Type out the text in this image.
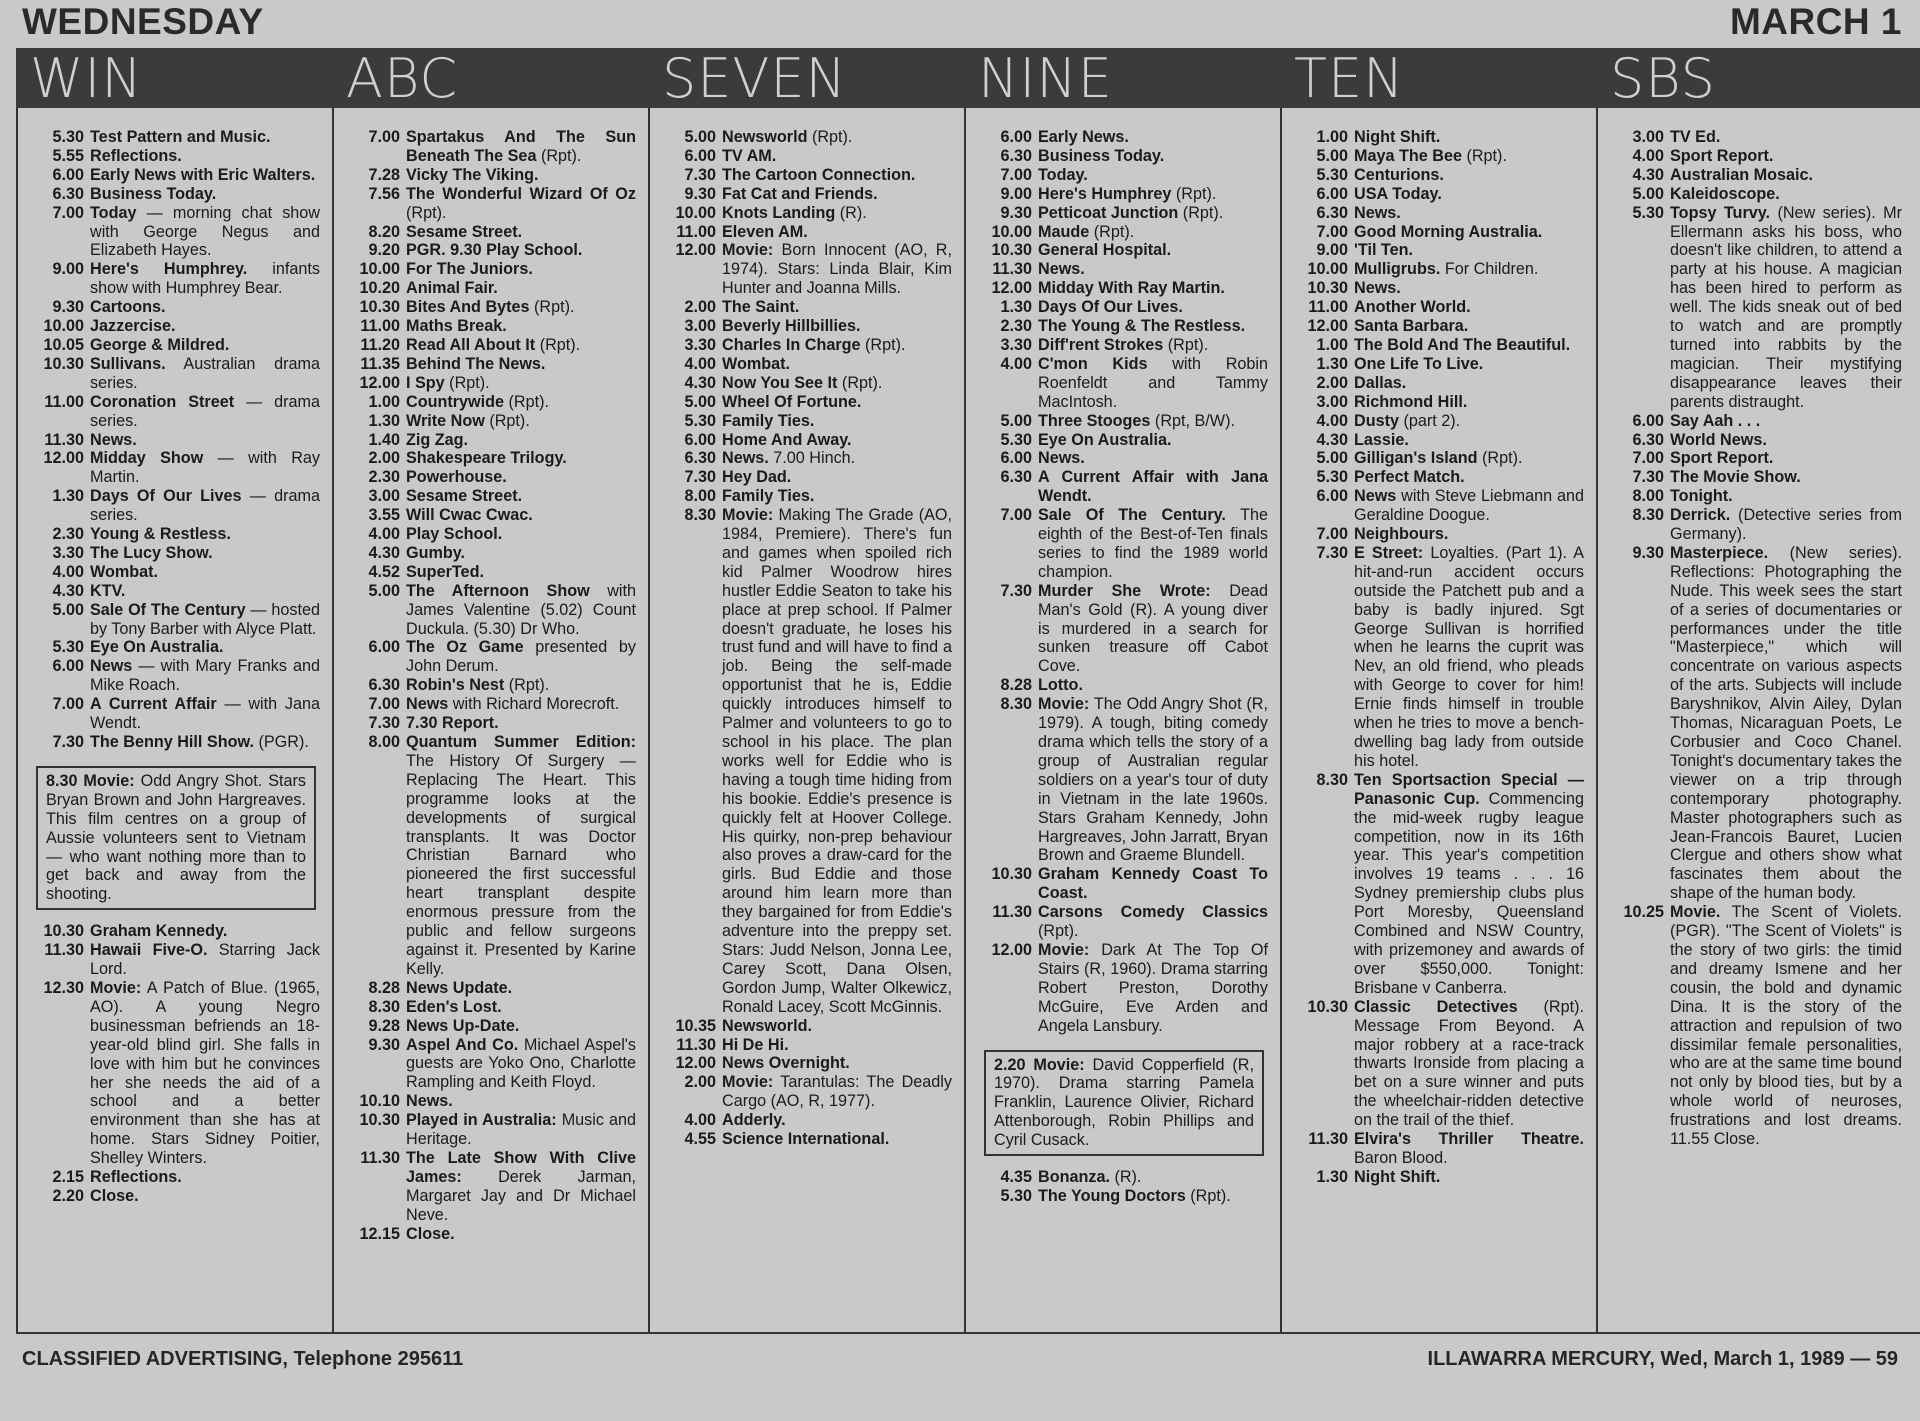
WEDNESDAY	MARCH 1
WIN	ABC	SEVEN	NINE	TEN	SBS
5.30 Test Pattern and Music.
5.55 Reflections.
6.00 Early News with Eric Walters.
6.30 Business Today.
7.00 Today — morning chat show with George Negus and Elizabeth Hayes.
9.00 Here's Humphrey. infants show with Humphrey Bear.
9.30 Cartoons.
10.00 Jazzercise.
10.05 George & Mildred.
10.30 Sullivans. Australian drama series.
11.00 Coronation Street — drama series.
11.30 News.
12.00 Midday Show — with Ray Martin.
1.30 Days Of Our Lives — drama series.
2.30 Young & Restless.
3.30 The Lucy Show.
4.00 Wombat.
4.30 KTV.
5.00 Sale Of The Century — hosted by Tony Barber with Alyce Platt.
5.30 Eye On Australia.
6.00 News — with Mary Franks and Mike Roach.
7.00 A Current Affair — with Jana Wendt.
7.30 The Benny Hill Show. (PGR).
8.30 Movie: Odd Angry Shot. Stars Bryan Brown and John Hargreaves. This film centres on a group of Aussie volunteers sent to Vietnam — who want nothing more than to get back and away from the shooting.
10.30 Graham Kennedy.
11.30 Hawaii Five-O. Starring Jack Lord.
12.30 Movie: A Patch of Blue. (1965, AO). A young Negro businessman befriends an 18-year-old blind girl. She falls in love with him but he convinces her she needs the aid of a school and a better environment than she has at home. Stars Sidney Poitier, Shelley Winters.
2.15 Reflections.
2.20 Close.
7.00 Spartakus And The Sun Beneath The Sea (Rpt).
7.28 Vicky The Viking.
7.56 The Wonderful Wizard Of Oz (Rpt).
8.20 Sesame Street.
9.20 PGR. 9.30 Play School.
10.00 For The Juniors.
10.20 Animal Fair.
10.30 Bites And Bytes (Rpt).
11.00 Maths Break.
11.20 Read All About It (Rpt).
11.35 Behind The News.
12.00 I Spy (Rpt).
1.00 Countrywide (Rpt).
1.30 Write Now (Rpt).
1.40 Zig Zag.
2.00 Shakespeare Trilogy.
2.30 Powerhouse.
3.00 Sesame Street.
3.55 Will Cwac Cwac.
4.00 Play School.
4.30 Gumby.
4.52 SuperTed.
5.00 The Afternoon Show with James Valentine (5.02) Count Duckula. (5.30) Dr Who.
6.00 The Oz Game presented by John Derum.
6.30 Robin's Nest (Rpt).
7.00 News with Richard Morecroft.
7.30 7.30 Report.
8.00 Quantum Summer Edition: The History Of Surgery — Replacing The Heart. This programme looks at the developments of surgical transplants. It was Doctor Christian Barnard who pioneered the first successful heart transplant despite enormous pressure from the public and fellow surgeons against it. Presented by Karine Kelly.
8.28 News Update.
8.30 Eden's Lost.
9.28 News Up-Date.
9.30 Aspel And Co. Michael Aspel's guests are Yoko Ono, Charlotte Rampling and Keith Floyd.
10.10 News.
10.30 Played in Australia: Music and Heritage.
11.30 The Late Show With Clive James: Derek Jarman, Margaret Jay and Dr Michael Neve.
12.15 Close.
5.00 Newsworld (Rpt).
6.00 TV AM.
7.30 The Cartoon Connection.
9.30 Fat Cat and Friends.
10.00 Knots Landing (R).
11.00 Eleven AM.
12.00 Movie: Born Innocent (AO, R, 1974). Stars: Linda Blair, Kim Hunter and Joanna Mills.
2.00 The Saint.
3.00 Beverly Hillbillies.
3.30 Charles In Charge (Rpt).
4.00 Wombat.
4.30 Now You See It (Rpt).
5.00 Wheel Of Fortune.
5.30 Family Ties.
6.00 Home And Away.
6.30 News. 7.00 Hinch.
7.30 Hey Dad.
8.00 Family Ties.
8.30 Movie: Making The Grade (AO, 1984, Premiere). There's fun and games when spoiled rich kid Palmer Woodrow hires hustler Eddie Seaton to take his place at prep school. If Palmer doesn't graduate, he loses his trust fund and will have to find a job. Being the self-made opportunist that he is, Eddie quickly introduces himself to Palmer and volunteers to go to school in his place. The plan works well for Eddie who is having a tough time hiding from his bookie. Eddie's presence is quickly felt at Hoover College. His quirky, non-prep behaviour also proves a draw-card for the girls. Bud Eddie and those around him learn more than they bargained for from Eddie's adventure into the preppy set. Stars: Judd Nelson, Jonna Lee, Carey Scott, Dana Olsen, Gordon Jump, Walter Olkewicz, Ronald Lacey, Scott McGinnis.
10.35 Newsworld.
11.30 Hi De Hi.
12.00 News Overnight.
2.00 Movie: Tarantulas: The Deadly Cargo (AO, R, 1977).
4.00 Adderly.
4.55 Science International.
6.00 Early News.
6.30 Business Today.
7.00 Today.
9.00 Here's Humphrey (Rpt).
9.30 Petticoat Junction (Rpt).
10.00 Maude (Rpt).
10.30 General Hospital.
11.30 News.
12.00 Midday With Ray Martin.
1.30 Days Of Our Lives.
2.30 The Young & The Restless.
3.30 Diff'rent Strokes (Rpt).
4.00 C'mon Kids with Robin Roenfeldt and Tammy MacIntosh.
5.00 Three Stooges (Rpt, B/W).
5.30 Eye On Australia.
6.00 News.
6.30 A Current Affair with Jana Wendt.
7.00 Sale Of The Century. The eighth of the Best-of-Ten finals series to find the 1989 world champion.
7.30 Murder She Wrote: Dead Man's Gold (R). A young diver is murdered in a search for sunken treasure off Cabot Cove.
8.28 Lotto.
8.30 Movie: The Odd Angry Shot (R, 1979). A tough, biting comedy drama which tells the story of a group of Australian regular soldiers on a year's tour of duty in Vietnam in the late 1960s. Stars Graham Kennedy, John Hargreaves, John Jarratt, Bryan Brown and Graeme Blundell.
10.30 Graham Kennedy Coast To Coast.
11.30 Carsons Comedy Classics (Rpt).
12.00 Movie: Dark At The Top Of Stairs (R, 1960). Drama starring Robert Preston, Dorothy McGuire, Eve Arden and Angela Lansbury.
2.20 Movie: David Copperfield (R, 1970). Drama starring Pamela Franklin, Laurence Olivier, Richard Attenborough, Robin Phillips and Cyril Cusack.
4.35 Bonanza. (R).
5.30 The Young Doctors (Rpt).
1.00 Night Shift.
5.00 Maya The Bee (Rpt).
5.30 Centurions.
6.00 USA Today.
6.30 News.
7.00 Good Morning Australia.
9.00 'Til Ten.
10.00 Mulligrubs. For Children.
10.30 News.
11.00 Another World.
12.00 Santa Barbara.
1.00 The Bold And The Beautiful.
1.30 One Life To Live.
2.00 Dallas.
3.00 Richmond Hill.
4.00 Dusty (part 2).
4.30 Lassie.
5.00 Gilligan's Island (Rpt).
5.30 Perfect Match.
6.00 News with Steve Liebmann and Geraldine Doogue.
7.00 Neighbours.
7.30 E Street: Loyalties. (Part 1). A hit-and-run accident occurs outside the Patchett pub and a baby is badly injured. Sgt George Sullivan is horrified when he learns the cuprit was Nev, an old friend, who pleads with George to cover for him! Ernie finds himself in trouble when he tries to move a bench-dwelling bag lady from outside his hotel.
8.30 Ten Sportsaction Special — Panasonic Cup. Commencing the mid-week rugby league competition, now in its 16th year. This year's competition involves 19 teams . . . 16 Sydney premiership clubs plus Port Moresby, Queensland Combined and NSW Country, with prizemoney and awards of over $550,000. Tonight: Brisbane v Canberra.
10.30 Classic Detectives (Rpt). Message From Beyond. A major robbery at a race-track thwarts Ironside from placing a bet on a sure winner and puts the wheelchair-ridden detective on the trail of the thief.
11.30 Elvira's Thriller Theatre. Baron Blood.
1.30 Night Shift.
3.00 TV Ed.
4.00 Sport Report.
4.30 Australian Mosaic.
5.00 Kaleidoscope.
5.30 Topsy Turvy. (New series). Mr Ellermann asks his boss, who doesn't like children, to attend a party at his house. A magician has been hired to perform as well. The kids sneak out of bed to watch and are promptly turned into rabbits by the magician. Their mystifying disappearance leaves their parents distraught.
6.00 Say Aah . . .
6.30 World News.
7.00 Sport Report.
7.30 The Movie Show.
8.00 Tonight.
8.30 Derrick. (Detective series from Germany).
9.30 Masterpiece. (New series). Reflections: Photographing the Nude. This week sees the start of a series of documentaries or performances under the title "Masterpiece," which will concentrate on various aspects of the arts. Subjects will include Baryshnikov, Alvin Ailey, Dylan Thomas, Nicaraguan Poets, Le Corbusier and Coco Chanel. Tonight's documentary takes the viewer on a trip through contemporary photography. Master photographers such as Jean-Francois Bauret, Lucien Clergue and others show what fascinates them about the shape of the human body.
10.25 Movie. The Scent of Violets. (PGR). "The Scent of Violets" is the story of two girls: the timid and dreamy Ismene and her cousin, the bold and dynamic Dina. It is the story of the attraction and repulsion of two dissimilar female personalities, who are at the same time bound not only by blood ties, but by a whole world of neuroses, frustrations and lost dreams. 11.55 Close.
CLASSIFIED ADVERTISING, Telephone 295611	ILLAWARRA MERCURY, Wed, March 1, 1989 — 59
